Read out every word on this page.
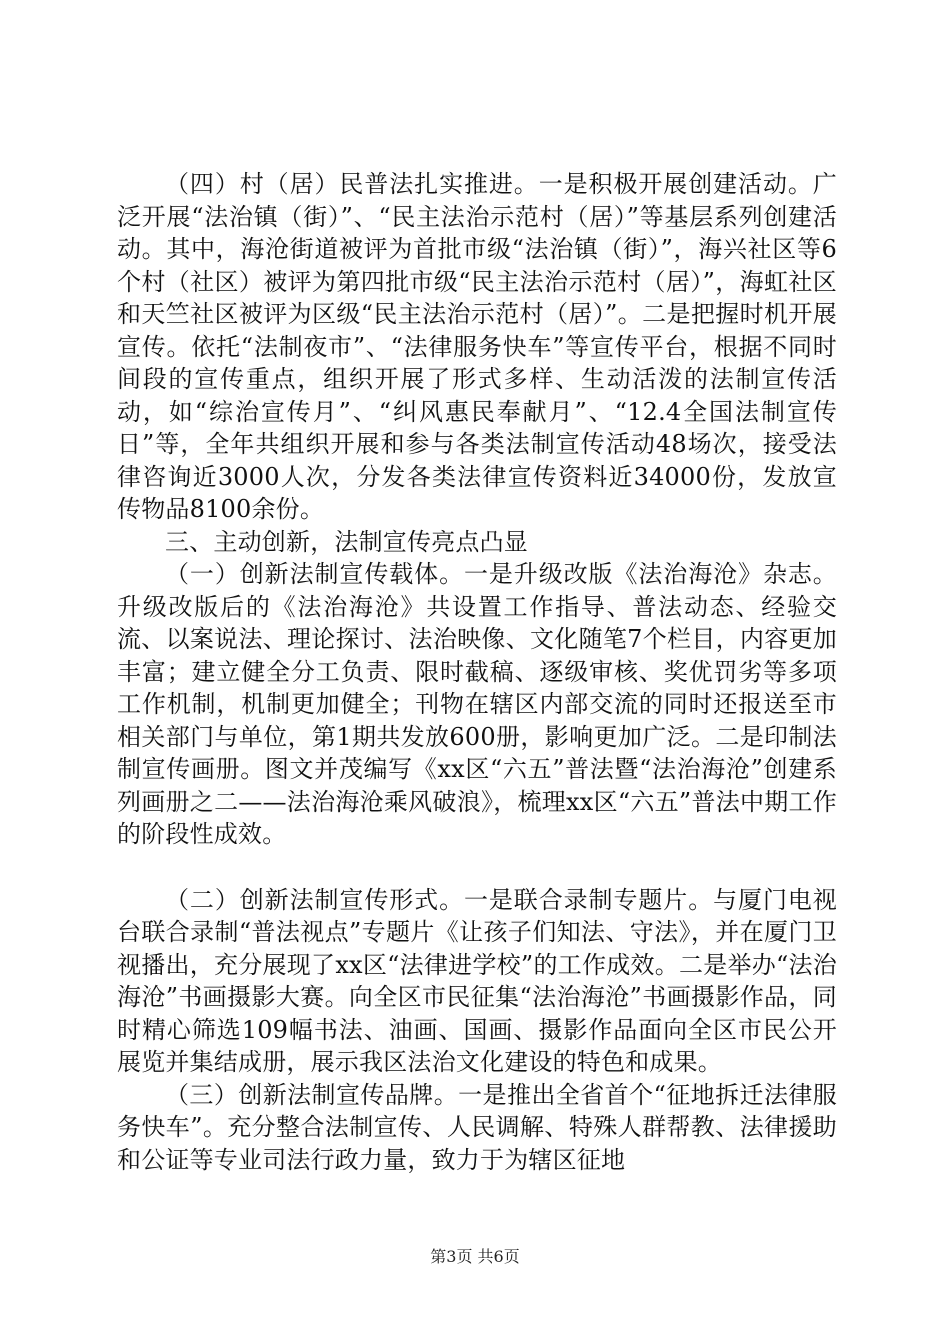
（四）村（居）民普法扎实推进。一是积极开展创建活动。广泛开展“法治镇（街）”、“民主法治示范村（居）”等基层系列创建活动。其中，海沧街道被评为首批市级“法治镇（街）”，海兴社区等6个村（社区）被评为第四批市级“民主法治示范村（居）”，海虹社区和天竺社区被评为区级“民主法治示范村（居）”。二是把握时机开展宣传。依托“法制夜市”、“法律服务快车”等宣传平台，根据不同时间段的宣传重点，组织开展了形式多样、生动活泼的法制宣传活动，如“综治宣传月”、“纠风惠民奉献月”、“12.4全国法制宣传日”等，全年共组织开展和参与各类法制宣传活动48场次，接受法律咨询近3000人次，分发各类法律宣传资料近34000份，发放宣传物品8100余份。

三、主动创新，法制宣传亮点凸显

（一）创新法制宣传载体。一是升级改版《法治海沧》杂志。升级改版后的《法治海沧》共设置工作指导、普法动态、经验交流、以案说法、理论探讨、法治映像、文化随笔7个栏目，内容更加丰富；建立健全分工负责、限时截稿、逐级审核、奖优罚劣等多项工作机制，机制更加健全；刊物在辖区内部交流的同时还报送至市相关部门与单位，第1期共发放600册，影响更加广泛。二是印制法制宣传画册。图文并茂编写《xx区“六五”普法暨“法治海沧”创建系列画册之二——法治海沧乘风破浪》，梳理xx区“六五”普法中期工作的阶段性成效。

（二）创新法制宣传形式。一是联合录制专题片。与厦门电视台联合录制“普法视点”专题片《让孩子们知法、守法》，并在厦门卫视播出，充分展现了xx区“法律进学校”的工作成效。二是举办“法治海沧”书画摄影大赛。向全区市民征集“法治海沧”书画摄影作品，同时精心筛选109幅书法、油画、国画、摄影作品面向全区市民公开展览并集结成册，展示我区法治文化建设的特色和成果。

（三）创新法制宣传品牌。一是推出全省首个“征地拆迁法律服务快车”。充分整合法制宣传、人民调解、特殊人群帮教、法律援助和公证等专业司法行政力量，致力于为辖区征地

第3页 共6页
